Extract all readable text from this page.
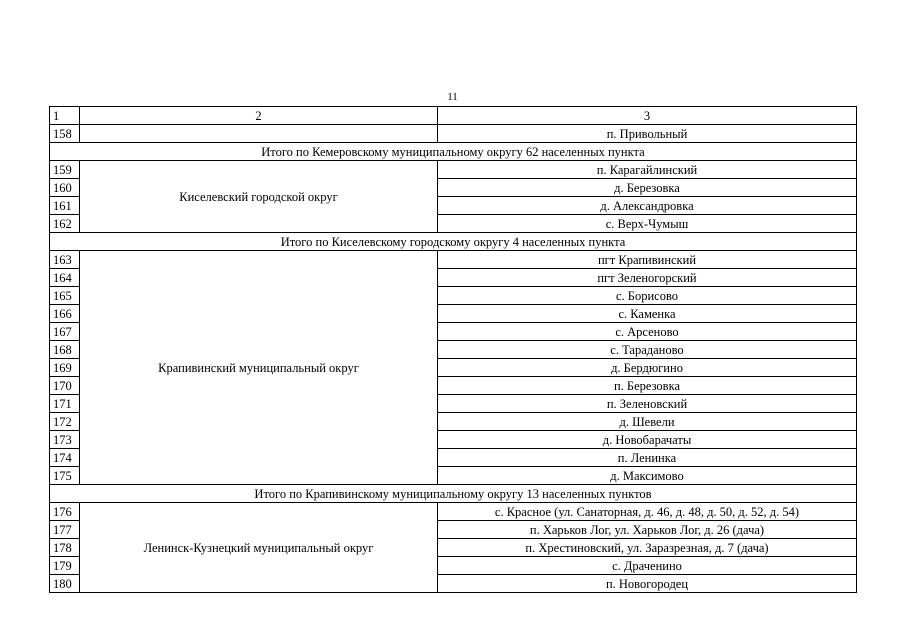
11
1	2	3
158		п. Привольный
Итого по Кемеровскому муниципальному округу 62 населенных пункта		
159	Киселевский городской округ	п. Карагайлинский
160		д. Березовка
161		д. Александровка
162		с. Верх-Чумыш
Итого по Киселевскому городскому округу 4 населенных пункта		
163	Крапивинский муниципальный округ	пгт Крапивинский
164		пгт Зеленогорский
165		с. Борисово
166		с. Каменка
167		с. Арсеново
168		с. Тараданово
169		д. Бердюгино
170		п. Березовка
171		п. Зеленовский
172		д. Шевели
173		д. Новобарачаты
174		п. Ленинка
175		д. Максимово
Итого по Крапивинскому муниципальному округу 13 населенных пунктов		
176	Ленинск-Кузнецкий муниципальный округ	с. Красное (ул. Санаторная, д. 46, д. 48, д. 50, д. 52, д. 54)
177		п. Харьков Лог, ул. Харьков Лог, д. 26 (дача)
178		п. Хрестиновский, ул. Заразрезная, д. 7 (дача)
179		с. Драченино
180		п. Новогородец
